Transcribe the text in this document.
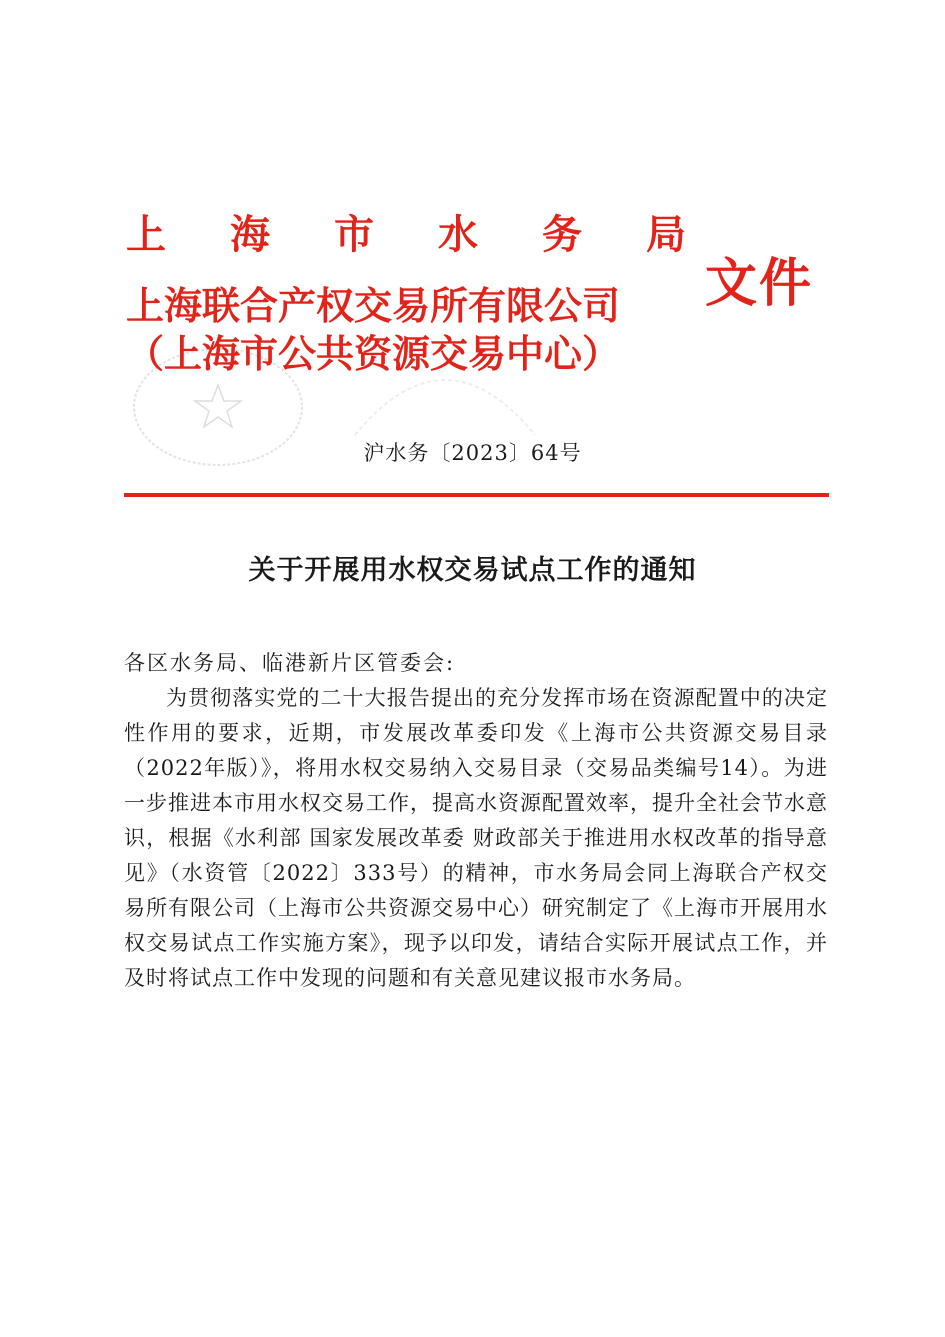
上 海 市 水 务 局
上海联合产权交易所有限公司
（上海市公共资源交易中心）
文件
沪水务〔2023〕64号
关于开展用水权交易试点工作的通知
各区水务局、临港新片区管委会:

为贯彻落实党的二十大报告提出的充分发挥市场在资源配置中的决定性作用的要求，近期，市发展改革委印发《上海市公共资源交易目录（2022年版）》，将用水权交易纳入交易目录（交易品类编号14）。为进一步推进本市用水权交易工作，提高水资源配置效率，提升全社会节水意识，根据《水利部 国家发展改革委 财政部关于推进用水权改革的指导意见》（水资管〔2022〕333号）的精神，市水务局会同上海联合产权交易所有限公司（上海市公共资源交易中心）研究制定了《上海市开展用水权交易试点工作实施方案》，现予以印发，请结合实际开展试点工作，并及时将试点工作中发现的问题和有关意见建议报市水务局。
